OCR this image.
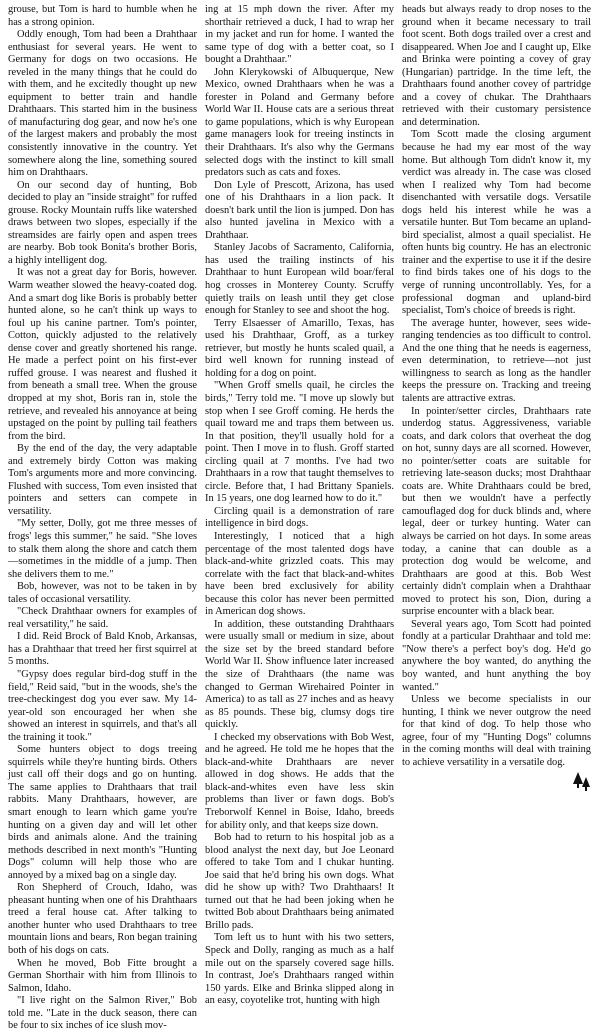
grouse, but Tom is hard to humble when he has a strong opinion.

Oddly enough, Tom had been a Drahthaar enthusiast for several years. He went to Germany for dogs on two occasions. He reveled in the many things that he could do with them, and he excitedly thought up new equipment to better train and handle Drahthaars. This started him in the business of manufacturing dog gear, and now he's one of the largest makers and probably the most consistently innovative in the country. Yet somewhere along the line, something soured him on Drahthaars.

On our second day of hunting, Bob decided to play an "inside straight" for ruffed grouse. Rocky Mountain ruffs like watershed draws between two slopes, especially if the streamsides are fairly open and aspen trees are nearby. Bob took Bonita's brother Boris, a highly intelligent dog.

It was not a great day for Boris, however. Warm weather slowed the heavy-coated dog. And a smart dog like Boris is probably better hunted alone, so he can't think up ways to foul up his canine partner. Tom's pointer, Cotton, quickly adjusted to the relatively dense cover and greatly shortened his range. He made a perfect point on his first-ever ruffed grouse. I was nearest and flushed it from beneath a small tree. When the grouse dropped at my shot, Boris ran in, stole the retrieve, and revealed his annoyance at being upstaged on the point by pulling tail feathers from the bird.

By the end of the day, the very adaptable and extremely birdy Cotton was making Tom's arguments more and more convincing. Flushed with success, Tom even insisted that pointers and setters can compete in versatility.

"My setter, Dolly, got me three messes of frogs' legs this summer," he said. "She loves to stalk them along the shore and catch them—sometimes in the middle of a jump. Then she delivers them to me."

Bob, however, was not to be taken in by tales of occasional versatility.

"Check Drahthaar owners for examples of real versatility," he said.

I did. Reid Brock of Bald Knob, Arkansas, has a Drahthaar that treed her first squirrel at 5 months.

"Gypsy does regular bird-dog stuff in the field," Reid said, "but in the woods, she's the tree-checkingest dog you ever saw. My 14-year-old son encouraged her when she showed an interest in squirrels, and that's all the training it took."

Some hunters object to dogs treeing squirrels while they're hunting birds. Others just call off their dogs and go on hunting. The same applies to Drahthaars that trail rabbits. Many Drahthaars, however, are smart enough to learn which game you're hunting on a given day and will let other birds and animals alone. And the training methods described in next month's "Hunting Dogs" column will help those who are annoyed by a mixed bag on a single day.

Ron Shepherd of Crouch, Idaho, was pheasant hunting when one of his Drahthaars treed a feral house cat. After talking to another hunter who used Drahthaars to tree mountain lions and bears, Ron began training both of his dogs on cats.

When he moved, Bob Fitte brought a German Shorthair with him from Illinois to Salmon, Idaho.

"I live right on the Salmon River," Bob told me. "Late in the duck season, there can be four to six inches of ice slush mov-

ing at 15 mph down the river. After my shorthair retrieved a duck, I had to wrap her in my jacket and run for home. I wanted the same type of dog with a better coat, so I bought a Drahthaar."

John Klerykowski of Albuquerque, New Mexico, owned Drahthaars when he was a forester in Poland and Germany before World War II. House cats are a serious threat to game populations, which is why European game managers look for treeing instincts in their Drahthaars. It's also why the Germans selected dogs with the instinct to kill small predators such as cats and foxes.

Don Lyle of Prescott, Arizona, has used one of his Drahthaars in a lion pack. It doesn't bark until the lion is jumped. Don has also hunted javelina in Mexico with a Drahthaar.

Stanley Jacobs of Sacramento, California, has used the trailing instincts of his Drahthaar to hunt European wild boar/feral hog crosses in Monterey County. Scruffy quietly trails on leash until they get close enough for Stanley to see and shoot the hog.

Terry Elsaesser of Amarillo, Texas, has used his Drahthaar, Groff, as a turkey retriever, but mostly he hunts scaled quail, a bird well known for running instead of holding for a dog on point.

"When Groff smells quail, he circles the birds," Terry told me. "I move up slowly but stop when I see Groff coming. He herds the quail toward me and traps them between us. In that position, they'll usually hold for a point. Then I move in to flush. Groff started circling quail at 7 months. I've had two Drahthaars in a row that taught themselves to circle. Before that, I had Brittany Spaniels. In 15 years, one dog learned how to do it."

Circling quail is a demonstration of rare intelligence in bird dogs.

Interestingly, I noticed that a high percentage of the most talented dogs have black-and-white grizzled coats. This may correlate with the fact that black-and-whites have been bred exclusively for ability because this color has never been permitted in American dog shows.

In addition, these outstanding Drahthaars were usually small or medium in size, about the size set by the breed standard before World War II. Show influence later increased the size of Drahthaars (the name was changed to German Wirehaired Pointer in America) to as tall as 27 inches and as heavy as 85 pounds. These big, clumsy dogs tire quickly.

I checked my observations with Bob West, and he agreed. He told me he hopes that the black-and-white Drahthaars are never allowed in dog shows. He adds that the black-and-whites even have less skin problems than liver or fawn dogs. Bob's Treborwolf Kennel in Boise, Idaho, breeds for ability only, and that keeps size down.

Bob had to return to his hospital job as a blood analyst the next day, but Joe Leonard offered to take Tom and I chukar hunting. Joe said that he'd bring his own dogs. What did he show up with? Two Drahthaars! It turned out that he had been joking when he twitted Bob about Drahthaars being animated Brillo pads.

Tom left us to hunt with his two setters, Speck and Dolly, ranging as much as a half mile out on the sparsely covered sage hills. In contrast, Joe's Drahthaars ranged within 150 yards. Elke and Brinka slipped along in an easy, coyotelike trot, hunting with high

heads but always ready to drop noses to the ground when it became necessary to trail foot scent. Both dogs trailed over a crest and disappeared. When Joe and I caught up, Elke and Brinka were pointing a covey of gray (Hungarian) partridge. In the time left, the Drahthaars found another covey of partridge and a covey of chukar. The Drahthaars retrieved with their customary persistence and determination.

Tom Scott made the closing argument because he had my ear most of the way home. But although Tom didn't know it, my verdict was already in. The case was closed when I realized why Tom had become disenchanted with versatile dogs. Versatile dogs held his interest while he was a versatile hunter. But Tom became an upland-bird specialist, almost a quail specialist. He often hunts big country. He has an electronic trainer and the expertise to use it if the desire to find birds takes one of his dogs to the verge of running uncontrollably. Yes, for a professional dogman and upland-bird specialist, Tom's choice of breeds is right.

The average hunter, however, sees wide-ranging tendencies as too difficult to control. And the one thing that he needs is eagerness, even determination, to retrieve—not just willingness to search as long as the handler keeps the pressure on. Tracking and treeing talents are attractive extras.

In pointer/setter circles, Drahthaars rate underdog status. Aggressiveness, variable coats, and dark colors that overheat the dog on hot, sunny days are all scorned. However, no pointer/setter coats are suitable for retrieving late-season ducks; most Drahthaar coats are. White Drahthaars could be bred, but then we wouldn't have a perfectly camouflaged dog for duck blinds and, where legal, deer or turkey hunting. Water can always be carried on hot days. In some areas today, a canine that can double as a protection dog would be welcome, and Drahthaars are good at this. Bob West certainly didn't complain when a Drahthaar moved to protect his son, Dion, during a surprise encounter with a black bear.

Several years ago, Tom Scott had pointed fondly at a particular Drahthaar and told me: "Now there's a perfect boy's dog. He'd go anywhere the boy wanted, do anything the boy wanted, and hunt anything the boy wanted."

Unless we become specialists in our hunting, I think we never outgrow the need for that kind of dog. To help those who agree, four of my "Hunting Dogs" columns in the coming months will deal with training to achieve versatility in a versatile dog.
